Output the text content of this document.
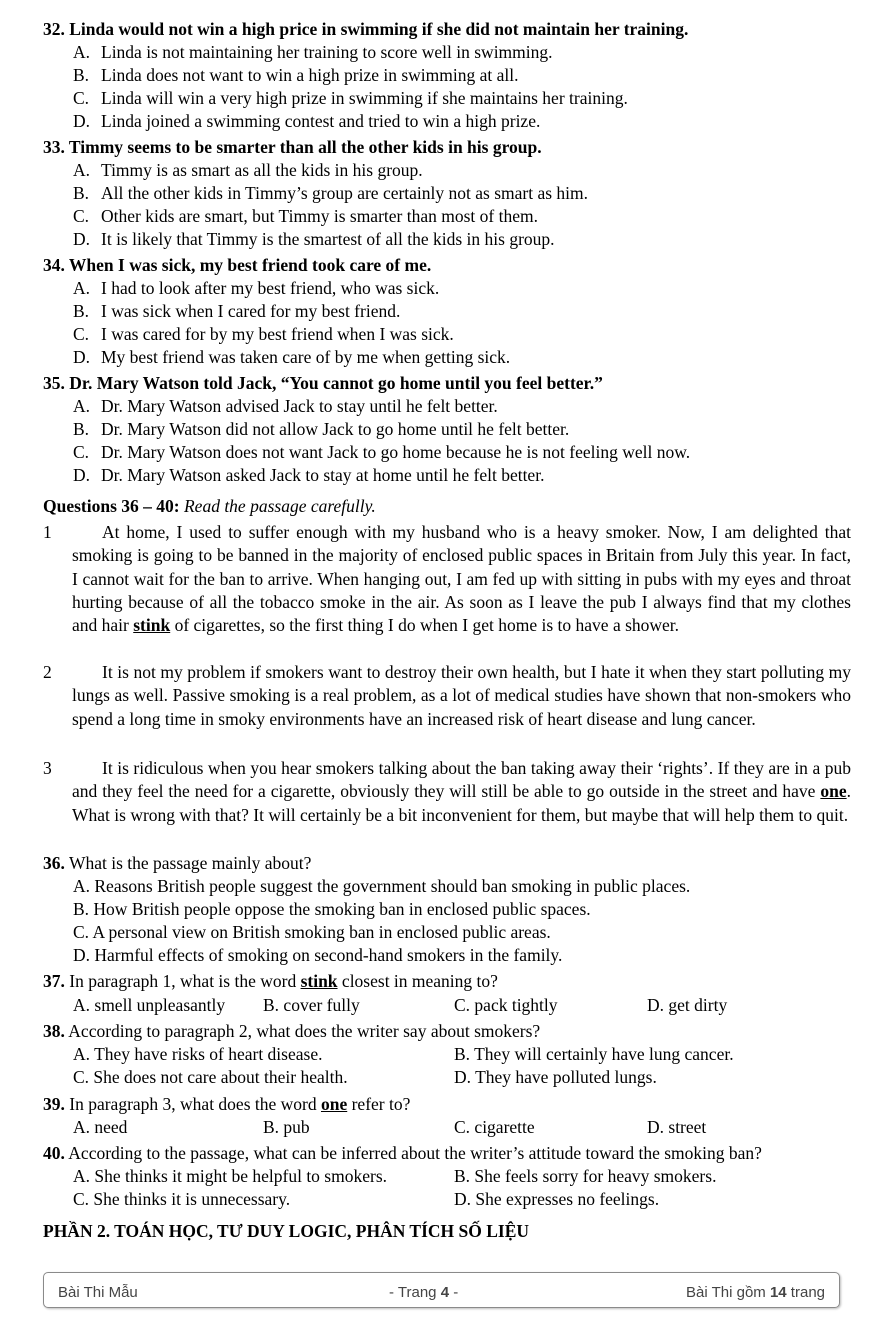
32. Linda would not win a high price in swimming if she did not maintain her training.
A. Linda is not maintaining her training to score well in swimming.
B. Linda does not want to win a high prize in swimming at all.
C. Linda will win a very high prize in swimming if she maintains her training.
D. Linda joined a swimming contest and tried to win a high prize.
33. Timmy seems to be smarter than all the other kids in his group.
A. Timmy is as smart as all the kids in his group.
B. All the other kids in Timmy’s group are certainly not as smart as him.
C. Other kids are smart, but Timmy is smarter than most of them.
D. It is likely that Timmy is the smartest of all the kids in his group.
34. When I was sick, my best friend took care of me.
A. I had to look after my best friend, who was sick.
B. I was sick when I cared for my best friend.
C. I was cared for by my best friend when I was sick.
D. My best friend was taken care of by me when getting sick.
35. Dr. Mary Watson told Jack, “You cannot go home until you feel better.”
A. Dr. Mary Watson advised Jack to stay until he felt better.
B. Dr. Mary Watson did not allow Jack to go home until he felt better.
C. Dr. Mary Watson does not want Jack to go home because he is not feeling well now.
D. Dr. Mary Watson asked Jack to stay at home until he felt better.
Questions 36 – 40: Read the passage carefully.
1	At home, I used to suffer enough with my husband who is a heavy smoker. Now, I am delighted that smoking is going to be banned in the majority of enclosed public spaces in Britain from July this year. In fact, I cannot wait for the ban to arrive. When hanging out, I am fed up with sitting in pubs with my eyes and throat hurting because of all the tobacco smoke in the air. As soon as I leave the pub I always find that my clothes and hair stink of cigarettes, so the first thing I do when I get home is to have a shower.
2	It is not my problem if smokers want to destroy their own health, but I hate it when they start polluting my lungs as well. Passive smoking is a real problem, as a lot of medical studies have shown that non-smokers who spend a long time in smoky environments have an increased risk of heart disease and lung cancer.
3	It is ridiculous when you hear smokers talking about the ban taking away their ‘rights’. If they are in a pub and they feel the need for a cigarette, obviously they will still be able to go outside in the street and have one. What is wrong with that? It will certainly be a bit inconvenient for them, but maybe that will help them to quit.
36. What is the passage mainly about?
A. Reasons British people suggest the government should ban smoking in public places.
B. How British people oppose the smoking ban in enclosed public spaces.
C. A personal view on British smoking ban in enclosed public areas.
D. Harmful effects of smoking on second-hand smokers in the family.
37. In paragraph 1, what is the word stink closest in meaning to?
A. smell unpleasantly B. cover fully	C. pack tightly	D. get dirty
38. According to paragraph 2, what does the writer say about smokers?
A. They have risks of heart disease.	B. They will certainly have lung cancer.
C. She does not care about their health.	D. They have polluted lungs.
39. In paragraph 3, what does the word one refer to?
A. need	B. pub	C. cigarette	D. street
40. According to the passage, what can be inferred about the writer’s attitude toward the smoking ban?
A. She thinks it might be helpful to smokers.	B. She feels sorry for heavy smokers.
C. She thinks it is unnecessary.	D. She expresses no feelings.
PHẦN 2. TOÁN HỌC, TƯ DUY LOGIC, PHÂN TÍCH SỐ LIỆU
Bài Thi Mẫu	- Trang 4 -	Bài Thi gồm 14 trang
